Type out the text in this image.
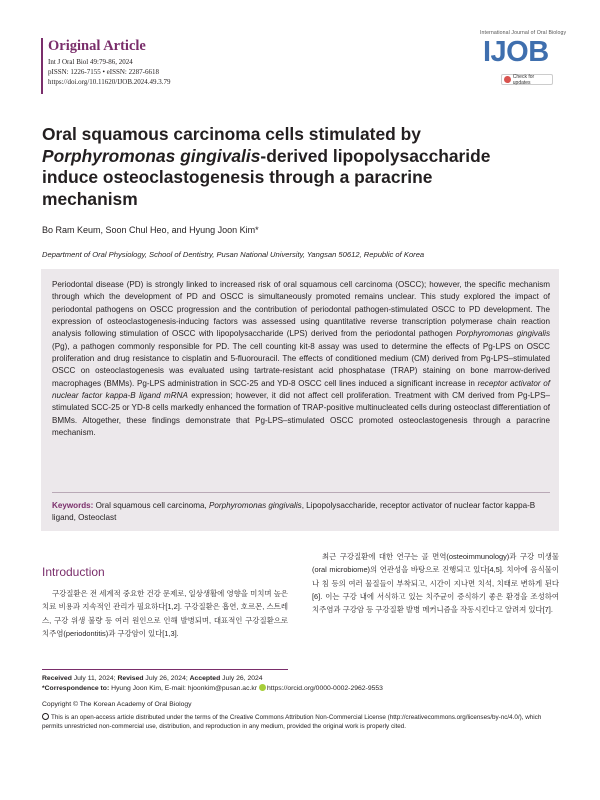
Original Article
Int J Oral Biol 49:79-86, 2024
pISSN: 1226-7155 • eISSN: 2287-6618
https://doi.org/10.11620/IJOB.2024.49.3.79
International Journal of Oral Biology
IJOB
Check for updates
Oral squamous carcinoma cells stimulated by
Porphyromonas gingivalis-derived lipopolysaccharide
induce osteoclastogenesis through a paracrine
mechanism
Bo Ram Keum, Soon Chul Heo, and Hyung Joon Kim*
Department of Oral Physiology, School of Dentistry, Pusan National University, Yangsan 50612, Republic of Korea
Periodontal disease (PD) is strongly linked to increased risk of oral squamous cell carcinoma (OSCC); however, the specific mechanism through which the development of PD and OSCC is simultaneously promoted remains unclear. This study explored the impact of periodontal pathogens on OSCC progression and the contribution of periodontal pathogen-stimulated OSCC to PD development. The expression of osteoclastogenesis-inducing factors was assessed using quantitative reverse transcription polymerase chain reaction analysis following stimulation of OSCC with lipopolysaccharide (LPS) derived from the periodontal pathogen Porphyromonas gingivalis (Pg), a pathogen commonly responsible for PD. The cell counting kit-8 assay was used to determine the effects of Pg-LPS on OSCC proliferation and drug resistance to cisplatin and 5-fluorouracil. The effects of conditioned medium (CM) derived from Pg-LPS–stimulated OSCC on osteoclastogenesis was evaluated using tartrate-resistant acid phosphatase (TRAP) staining on bone marrow-derived macrophages (BMMs). Pg-LPS administration in SCC-25 and YD-8 OSCC cell lines induced a significant increase in receptor activator of nuclear factor kappa-B ligand mRNA expression; however, it did not affect cell proliferation. Treatment with CM derived from Pg-LPS–stimulated SCC-25 or YD-8 cells markedly enhanced the formation of TRAP-positive multinucleated cells during osteoclast differentiation of BMMs. Altogether, these findings demonstrate that Pg-LPS–stimulated OSCC promoted osteoclastogenesis through a paracrine mechanism.
Keywords: Oral squamous cell carcinoma, Porphyromonas gingivalis, Lipopolysaccharide, receptor activator of nuclear factor kappa-B ligand, Osteoclast
Introduction
구강질환은 전 세계적 중요한 건강 문제로, 일상생활에 영향을 미치며 높은 치료 비용과 지속적인 관리가 필요하다[1,2]. 구강질환은 흡연, 호르몬, 스트레스, 구강 위생 불량 등 여러 원인으로 인해 발병되며, 대표적인 구강질환으로 치주염(periodontitis)과 구강암이 있다[1,3].
최근 구강질환에 대한 연구는 골 면역(osteoimmunology)과 구강 미생물(oral microbiome)의 연관성을 바탕으로 진행되고 있다[4,5]. 치아에 음식물이나 침 등의 여러 물질들이 부착되고, 시간이 지나면 치석, 치태로 변하게 된다[6]. 이는 구강 내에 서식하고 있는 치주균이 증식하기 좋은 환경을 조성하여 치주염과 구강암 등 구강질환 발병 메커니즘을 작동시킨다고 알려져 있다[7].
Received July 11, 2024; Revised July 26, 2024; Accepted July 26, 2024
*Correspondence to: Hyung Joon Kim, E-mail: hjoonkim@pusan.ac.kr https://orcid.org/0000-0002-2962-9553
Copyright © The Korean Academy of Oral Biology
This is an open-access article distributed under the terms of the Creative Commons Attribution Non-Commercial License (http://creativecommons.org/licenses/by-nc/4.0/), which permits unrestricted non-commercial use, distribution, and reproduction in any medium, provided the original work is properly cited.
